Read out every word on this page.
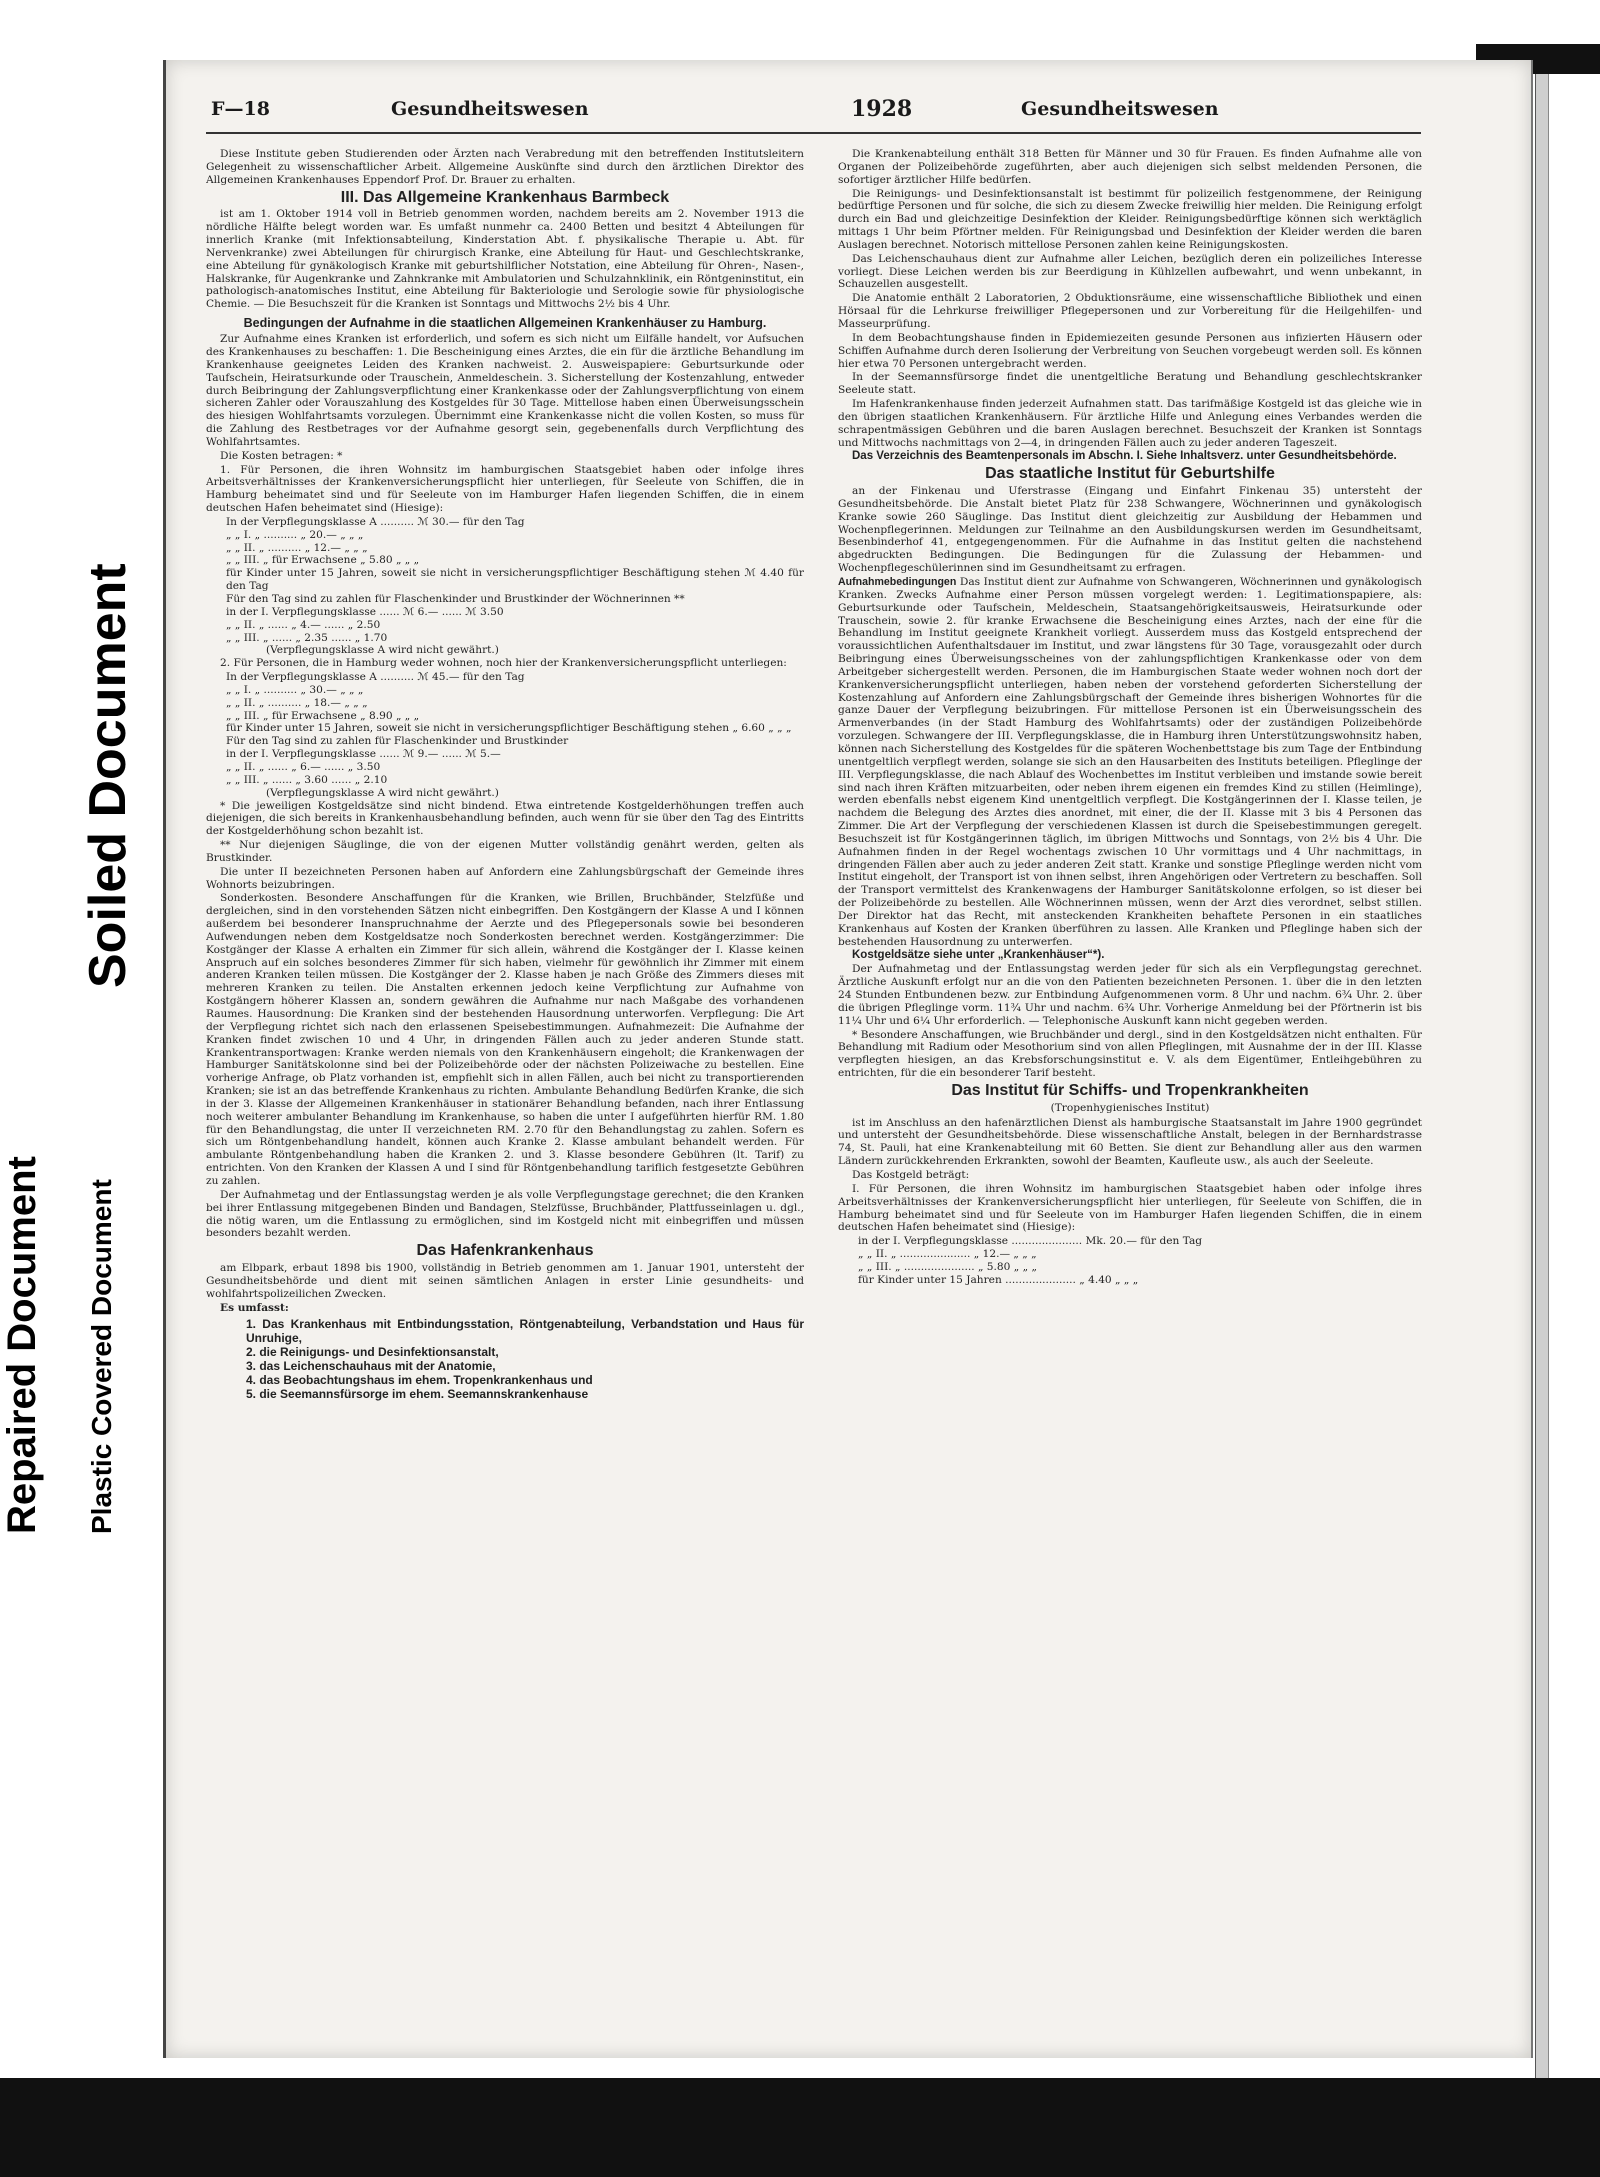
Soiled Document
Repaired Document Plastic Covered Document
F—18	Gesundheitswesen	1928	Gesundheitswesen

Diese Institute geben Studierenden oder Ärzten nach Verabredung mit den betreffenden Institutsleitern Gelegenheit zu wissenschaftlicher Arbeit. Allgemeine Auskünfte sind durch den ärztlichen Direktor des Allgemeinen Krankenhauses Eppendorf Prof. Dr. Brauer zu erhalten.

III. Das Allgemeine Krankenhaus Barmbeck

ist am 1. Oktober 1914 voll in Betrieb genommen worden, nachdem bereits am 2. November 1913 die nördliche Hälfte belegt worden war. Es umfaßt nunmehr ca. 2400 Betten und besitzt 4 Abteilungen für innerlich Kranke (mit Infektionsabteilung, Kinderstation Abt. f. physikalische Therapie u. Abt. für Nervenkranke) zwei Abteilungen für chirurgisch Kranke, eine Abteilung für Haut- und Geschlechtskranke, eine Abteilung für gynäkologisch Kranke mit geburtshilflicher Notstation, eine Abteilung für Ohren-, Nasen-, Halskranke, für Augenkranke und Zahnkranke mit Ambulatorien und Schulzahnklinik, ein Röntgeninstitut, ein pathologisch-anatomisches Institut, eine Abteilung für Bakteriologie und Serologie sowie für physiologische Chemie. — Die Besuchszeit für die Kranken ist Sonntags und Mittwochs 2½ bis 4 Uhr.

Bedingungen der Aufnahme in die staatlichen Allgemeinen Krankenhäuser zu Hamburg.

Zur Aufnahme eines Kranken ist erforderlich, und sofern es sich nicht um Eilfälle handelt, vor Aufsuchen des Krankenhauses zu beschaffen: 1. Die Bescheinigung eines Arztes, die ein für die ärztliche Behandlung im Krankenhause geeignetes Leiden des Kranken nachweist. 2. Ausweispapiere: Geburtsurkunde oder Taufschein, Heiratsurkunde oder Trauschein, Anmeldeschein. 3. Sicherstellung der Kostenzahlung, entweder durch Beibringung der Zahlungsverpflichtung einer Krankenkasse oder der Zahlungsverpflichtung von einem sicheren Zahler oder Vorauszahlung des Kostgeldes für 30 Tage. Mittellose haben einen Überweisungsschein des hiesigen Wohlfahrtsamts vorzulegen. Übernimmt eine Krankenkasse nicht die vollen Kosten, so muss für die Zahlung des Restbetrages vor der Aufnahme gesorgt sein, gegebenenfalls durch Verpflichtung des Wohlfahrtsamtes.

Die Kosten betragen: *

1. Für Personen, die ihren Wohnsitz im hamburgischen Staatsgebiet haben oder infolge ihres Arbeitsverhältnisses der Krankenversicherungspflicht hier unterliegen, für Seeleute von Schiffen, die in Hamburg beheimatet sind und für Seeleute von im Hamburger Hafen liegenden Schiffen, die in einem deutschen Hafen beheimatet sind (Hiesige):

In der Verpflegungsklasse A .......... ℳ 30.— für den Tag
„ „ I. „ .......... „ 20.— „ „ „
„ „ II. „ .......... „ 12.— „ „ „
„ „ III. „ für Erwachsene „ 5.80 „ „ „
für Kinder unter 15 Jahren, soweit sie nicht in versicherungspflichtiger Beschäftigung stehen ℳ 4.40 für den Tag
Für den Tag sind zu zahlen für Flaschenkinder und Brustkinder der Wöchnerinnen **
in der I. Verpflegungsklasse ...... ℳ 6.— ...... ℳ 3.50
„ „ II. „ ...... „ 4.— ...... „ 2.50
„ „ III. „ ...... „ 2.35 ...... „ 1.70
(Verpflegungsklasse A wird nicht gewährt.)

2. Für Personen, die in Hamburg weder wohnen, noch hier der Krankenversicherungspflicht unterliegen:

In der Verpflegungsklasse A .......... ℳ 45.— für den Tag
„ „ I. „ .......... „ 30.— „ „ „
„ „ II. „ .......... „ 18.— „ „ „
„ „ III. „ für Erwachsene „ 8.90 „ „ „
für Kinder unter 15 Jahren, soweit sie nicht in versicherungspflichtiger Beschäftigung stehen „ 6.60 „ „ „
Für den Tag sind zu zahlen für Flaschenkinder und Brustkinder
in der I. Verpflegungsklasse ...... ℳ 9.— ...... ℳ 5.—
„ „ II. „ ...... „ 6.— ...... „ 3.50
„ „ III. „ ...... „ 3.60 ...... „ 2.10
(Verpflegungsklasse A wird nicht gewährt.)

* Die jeweiligen Kostgeldsätze sind nicht bindend. Etwa eintretende Kostgelderhöhungen treffen auch diejenigen, die sich bereits in Krankenhausbehandlung befinden, auch wenn für sie über den Tag des Eintritts der Kostgelderhöhung schon bezahlt ist.

** Nur diejenigen Säuglinge, die von der eigenen Mutter vollständig genährt werden, gelten als Brustkinder.

Die unter II bezeichneten Personen haben auf Anfordern eine Zahlungsbürgschaft der Gemeinde ihres Wohnorts beizubringen.

Sonderkosten. Besondere Anschaffungen für die Kranken, wie Brillen, Bruchbänder, Stelzfüße und dergleichen, sind in den vorstehenden Sätzen nicht einbegriffen. Den Kostgängern der Klasse A und I können außerdem bei besonderer Inanspruchnahme der Aerzte und des Pflegepersonals sowie bei besonderen Aufwendungen neben dem Kostgeldsatze noch Sonderkosten berechnet werden. Kostgängerzimmer: Die Kostgänger der Klasse A erhalten ein Zimmer für sich allein, während die Kostgänger der I. Klasse keinen Anspruch auf ein solches besonderes Zimmer für sich haben, vielmehr für gewöhnlich ihr Zimmer mit einem anderen Kranken teilen müssen. Die Kostgänger der 2. Klasse haben je nach Größe des Zimmers dieses mit mehreren Kranken zu teilen. Die Anstalten erkennen jedoch keine Verpflichtung zur Aufnahme von Kostgängern höherer Klassen an, sondern gewähren die Aufnahme nur nach Maßgabe des vorhandenen Raumes. Hausordnung: Die Kranken sind der bestehenden Hausordnung unterworfen. Verpflegung: Die Art der Verpflegung richtet sich nach den erlassenen Speisebestimmungen. Aufnahmezeit: Die Aufnahme der Kranken findet zwischen 10 und 4 Uhr, in dringenden Fällen auch zu jeder anderen Stunde statt. Krankentransportwagen: Kranke werden niemals von den Krankenhäusern eingeholt; die Krankenwagen der Hamburger Sanitätskolonne sind bei der Polizeibehörde oder der nächsten Polizeiwache zu bestellen. Eine vorherige Anfrage, ob Platz vorhanden ist, empfiehlt sich in allen Fällen, auch bei nicht zu transportierenden Kranken; sie ist an das betreffende Krankenhaus zu richten. Ambulante Behandlung Bedürfen Kranke, die sich in der 3. Klasse der Allgemeinen Krankenhäuser in stationärer Behandlung befanden, nach ihrer Entlassung noch weiterer ambulanter Behandlung im Krankenhause, so haben die unter I aufgeführten hierfür RM. 1.80 für den Behandlungstag, die unter II verzeichneten RM. 2.70 für den Behandlungstag zu zahlen. Sofern es sich um Röntgenbehandlung handelt, können auch Kranke 2. Klasse ambulant behandelt werden. Für ambulante Röntgenbehandlung haben die Kranken 2. und 3. Klasse besondere Gebühren (lt. Tarif) zu entrichten. Von den Kranken der Klassen A und I sind für Röntgenbehandlung tariflich festgesetzte Gebühren zu zahlen.

Der Aufnahmetag und der Entlassungstag werden je als volle Verpflegungstage gerechnet; die den Kranken bei ihrer Entlassung mitgegebenen Binden und Bandagen, Stelzfüsse, Bruchbänder, Plattfusseinlagen u. dgl., die nötig waren, um die Entlassung zu ermöglichen, sind im Kostgeld nicht mit einbegriffen und müssen besonders bezahlt werden.

Das Hafenkrankenhaus

am Elbpark, erbaut 1898 bis 1900, vollständig in Betrieb genommen am 1. Januar 1901, untersteht der Gesundheitsbehörde und dient mit seinen sämtlichen Anlagen in erster Linie gesundheits- und wohlfahrtspolizeilichen Zwecken.

Es umfasst:

1. Das Krankenhaus mit Entbindungsstation, Röntgenabteilung, Verbandstation und Haus für Unruhige,
2. die Reinigungs- und Desinfektionsanstalt,
3. das Leichenschauhaus mit der Anatomie,
4. das Beobachtungshaus im ehem. Tropenkrankenhaus und
5. die Seemannsfürsorge im ehem. Seemannskrankenhause

Die Krankenabteilung enthält 318 Betten für Männer und 30 für Frauen. Es finden Aufnahme alle von Organen der Polizeibehörde zugeführten, aber auch diejenigen sich selbst meldenden Personen, die sofortiger ärztlicher Hilfe bedürfen.

Die Reinigungs- und Desinfektionsanstalt ist bestimmt für polizeilich festgenommene, der Reinigung bedürftige Personen und für solche, die sich zu diesem Zwecke freiwillig hier melden. Die Reinigung erfolgt durch ein Bad und gleichzeitige Desinfektion der Kleider. Reinigungsbedürftige können sich werktäglich mittags 1 Uhr beim Pförtner melden. Für Reinigungsbad und Desinfektion der Kleider werden die baren Auslagen berechnet. Notorisch mittellose Personen zahlen keine Reinigungskosten.

Das Leichenschauhaus dient zur Aufnahme aller Leichen, bezüglich deren ein polizeiliches Interesse vorliegt. Diese Leichen werden bis zur Beerdigung in Kühlzellen aufbewahrt, und wenn unbekannt, in Schauzellen ausgestellt.

Die Anatomie enthält 2 Laboratorien, 2 Obduktionsräume, eine wissenschaftliche Bibliothek und einen Hörsaal für die Lehrkurse freiwilliger Pflegepersonen und zur Vorbereitung für die Heilgehilfen- und Masseurprüfung.

In dem Beobachtungshause finden in Epidemiezeiten gesunde Personen aus infizierten Häusern oder Schiffen Aufnahme durch deren Isolierung der Verbreitung von Seuchen vorgebeugt werden soll. Es können hier etwa 70 Personen untergebracht werden.

In der Seemannsfürsorge findet die unentgeltliche Beratung und Behandlung geschlechtskranker Seeleute statt.

Im Hafenkrankenhause finden jederzeit Aufnahmen statt. Das tarifmäßige Kostgeld ist das gleiche wie in den übrigen staatlichen Krankenhäusern. Für ärztliche Hilfe und Anlegung eines Verbandes werden die schrapentmässigen Gebühren und die baren Auslagen berechnet. Besuchszeit der Kranken ist Sonntags und Mittwochs nachmittags von 2—4, in dringenden Fällen auch zu jeder anderen Tageszeit.

Das Verzeichnis des Beamtenpersonals im Abschn. I. Siehe Inhaltsverz. unter Gesundheitsbehörde.

Das staatliche Institut für Geburtshilfe

an der Finkenau und Uferstrasse (Eingang und Einfahrt Finkenau 35) untersteht der Gesundheitsbehörde. Die Anstalt bietet Platz für 238 Schwangere, Wöchnerinnen und gynäkologisch Kranke sowie 260 Säuglinge. Das Institut dient gleichzeitig zur Ausbildung der Hebammen und Wochenpflegerinnen. Meldungen zur Teilnahme an den Ausbildungskursen werden im Gesundheitsamt, Besenbinderhof 41, entgegengenommen. Für die Aufnahme in das Institut gelten die nachstehend abgedruckten Bedingungen. Die Bedingungen für die Zulassung der Hebammen- und Wochenpflegeschülerinnen sind im Gesundheitsamt zu erfragen.

Aufnahmebedingungen Das Institut dient zur Aufnahme von Schwangeren, Wöchnerinnen und gynäkologisch Kranken. Zwecks Aufnahme einer Person müssen vorgelegt werden: 1. Legitimationspapiere, als: Geburtsurkunde oder Taufschein, Meldeschein, Staatsangehörigkeitsausweis, Heiratsurkunde oder Trauschein, sowie 2. für kranke Erwachsene die Bescheinigung eines Arztes, nach der eine für die Behandlung im Institut geeignete Krankheit vorliegt. Ausserdem muss das Kostgeld entsprechend der voraussichtlichen Aufenthaltsdauer im Institut, und zwar längstens für 30 Tage, vorausgezahlt oder durch Beibringung eines Überweisungsscheines von der zahlungspflichtigen Krankenkasse oder von dem Arbeitgeber sichergestellt werden. Personen, die im Hamburgischen Staate weder wohnen noch dort der Krankenversicherungspflicht unterliegen, haben neben der vorstehend geforderten Sicherstellung der Kostenzahlung auf Anfordern eine Zahlungsbürgschaft der Gemeinde ihres bisherigen Wohnortes für die ganze Dauer der Verpflegung beizubringen. Für mittellose Personen ist ein Überweisungsschein des Armenverbandes (in der Stadt Hamburg des Wohlfahrtsamts) oder der zuständigen Polizeibehörde vorzulegen. Schwangere der III. Verpflegungsklasse, die in Hamburg ihren Unterstützungswohnsitz haben, können nach Sicherstellung des Kostgeldes für die späteren Wochenbettstage bis zum Tage der Entbindung unentgeltlich verpflegt werden, solange sie sich an den Hausarbeiten des Instituts beteiligen. Pfleglinge der III. Verpflegungsklasse, die nach Ablauf des Wochenbettes im Institut verbleiben und imstande sowie bereit sind nach ihren Kräften mitzuarbeiten, oder neben ihrem eigenen ein fremdes Kind zu stillen (Heimlinge), werden ebenfalls nebst eigenem Kind unentgeltlich verpflegt. Die Kostgängerinnen der I. Klasse teilen, je nachdem die Belegung des Arztes dies anordnet, mit einer, die der II. Klasse mit 3 bis 4 Personen das Zimmer. Die Art der Verpflegung der verschiedenen Klassen ist durch die Speisebestimmungen geregelt. Besuchszeit ist für Kostgängerinnen täglich, im übrigen Mittwochs und Sonntags, von 2½ bis 4 Uhr. Die Aufnahmen finden in der Regel wochentags zwischen 10 Uhr vormittags und 4 Uhr nachmittags, in dringenden Fällen aber auch zu jeder anderen Zeit statt. Kranke und sonstige Pfleglinge werden nicht vom Institut eingeholt, der Transport ist von ihnen selbst, ihren Angehörigen oder Vertretern zu beschaffen. Soll der Transport vermittelst des Krankenwagens der Hamburger Sanitätskolonne erfolgen, so ist dieser bei der Polizeibehörde zu bestellen. Alle Wöchnerinnen müssen, wenn der Arzt dies verordnet, selbst stillen. Der Direktor hat das Recht, mit ansteckenden Krankheiten behaftete Personen in ein staatliches Krankenhaus auf Kosten der Kranken überführen zu lassen. Alle Kranken und Pfleglinge haben sich der bestehenden Hausordnung zu unterwerfen.

Kostgeldsätze siehe unter „Krankenhäuser“*).

Der Aufnahmetag und der Entlassungstag werden jeder für sich als ein Verpflegungstag gerechnet. Ärztliche Auskunft erfolgt nur an die von den Patienten bezeichneten Personen. 1. über die in den letzten 24 Stunden Entbundenen bezw. zur Entbindung Aufgenommenen vorm. 8 Uhr und nachm. 6¾ Uhr. 2. über die übrigen Pfleglinge vorm. 11¾ Uhr und nachm. 6¾ Uhr. Vorherige Anmeldung bei der Pförtnerin ist bis 11¼ Uhr und 6¼ Uhr erforderlich. — Telephonische Auskunft kann nicht gegeben werden.

* Besondere Anschaffungen, wie Bruchbänder und dergl., sind in den Kostgeldsätzen nicht enthalten. Für Behandlung mit Radium oder Mesothorium sind von allen Pfleglingen, mit Ausnahme der in der III. Klasse verpflegten hiesigen, an das Krebsforschungsinstitut e. V. als dem Eigentümer, Entleihgebühren zu entrichten, für die ein besonderer Tarif besteht.

Das Institut für Schiffs- und Tropenkrankheiten
(Tropenhygienisches Institut)

ist im Anschluss an den hafenärztlichen Dienst als hamburgische Staatsanstalt im Jahre 1900 gegründet und untersteht der Gesundheitsbehörde. Diese wissenschaftliche Anstalt, belegen in der Bernhardstrasse 74, St. Pauli, hat eine Krankenabteilung mit 60 Betten. Sie dient zur Behandlung aller aus den warmen Ländern zurückkehrenden Erkrankten, sowohl der Beamten, Kaufleute usw., als auch der Seeleute.

Das Kostgeld beträgt:

I. Für Personen, die ihren Wohnsitz im hamburgischen Staatsgebiet haben oder infolge ihres Arbeitsverhältnisses der Krankenversicherungspflicht hier unterliegen, für Seeleute von Schiffen, die in Hamburg beheimatet sind und für Seeleute von im Hamburger Hafen liegenden Schiffen, die in einem deutschen Hafen beheimatet sind (Hiesige):

in der I. Verpflegungsklasse ..................... Mk. 20.— für den Tag
„ „ II. „ ..................... „ 12.— „ „ „
„ „ III. „ ..................... „ 5.80 „ „ „
für Kinder unter 15 Jahren ..................... „ 4.40 „ „ „
